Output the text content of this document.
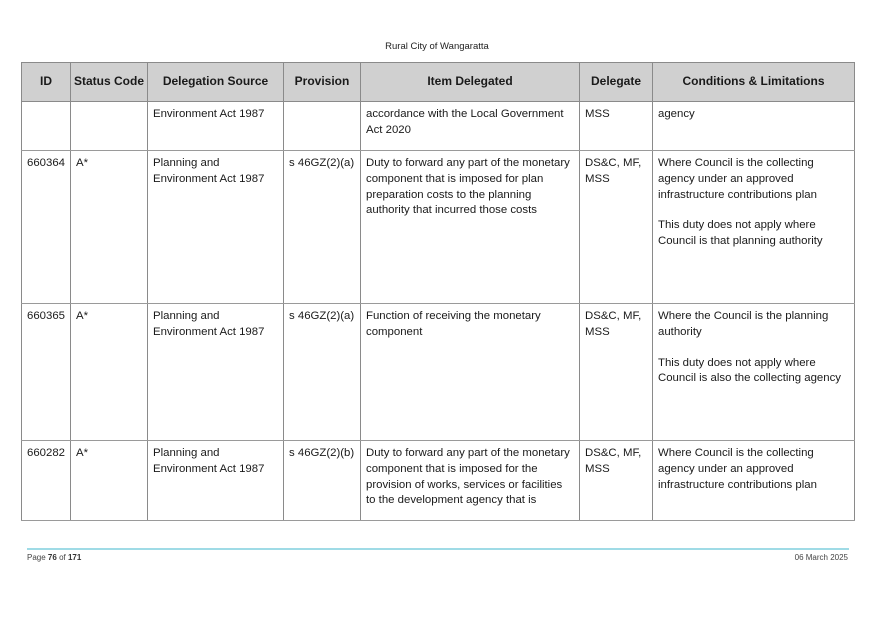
Rural City of Wangaratta
ID	Status Code	Delegation Source	Provision	Item Delegated	Delegate	Conditions & Limitations
		Environment Act 1987		accordance with the Local Government Act 2020	MSS	agency

660364	A*	Planning and Environment Act 1987	s 46GZ(2)(a)	Duty to forward any part of the monetary component that is imposed for plan preparation costs to the planning authority that incurred those costs	DS&C, MF, MSS	Where Council is the collecting agency under an approved infrastructure contributions plan
This duty does not apply where Council is that planning authority

660365	A*	Planning and Environment Act 1987	s 46GZ(2)(a)	Function of receiving the monetary component	DS&C, MF, MSS	Where the Council is the planning authority
This duty does not apply where Council is also the collecting agency

660282	A*	Planning and Environment Act 1987	s 46GZ(2)(b)	Duty to forward any part of the monetary component that is imposed for the provision of works, services or facilities to the development agency that is	DS&C, MF, MSS	Where Council is the collecting agency under an approved infrastructure contributions plan
Page 76 of 171	06 March 2025
